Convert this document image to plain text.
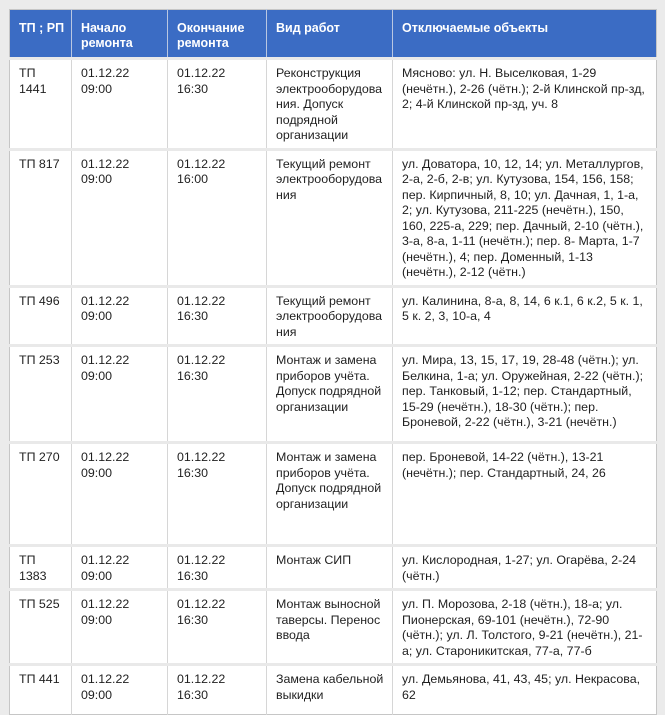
ТП ; РП	Начало ремонта	Окончание ремонта	Вид работ	Отключаемые объекты
ТП 1441	01.12.22 09:00	01.12.22 16:30	Реконструкция электрооборудования. Допуск подрядной организации	Мясново: ул. Н. Выселковая, 1-29 (нечётн.), 2-26 (чётн.); 2-й Клинской пр-зд, 2; 4-й Клинской пр-зд, уч. 8
ТП 817	01.12.22 09:00	01.12.22 16:00	Текущий ремонт электрооборудования	ул. Доватора, 10, 12, 14; ул. Металлургов, 2-а, 2-б, 2-в; ул. Кутузова, 154, 156, 158; пер. Кирпичный, 8, 10; ул. Дачная, 1, 1-а, 2; ул. Кутузова, 211-225 (нечётн.), 150, 160, 225-а, 229; пер. Дачный, 2-10 (чётн.), 3-а, 8-а, 1-11 (нечётн.); пер. 8- Марта, 1-7 (нечётн.), 4; пер. Доменный, 1-13 (нечётн.), 2-12 (чётн.)
ТП 496	01.12.22 09:00	01.12.22 16:30	Текущий ремонт электрооборудования	ул. Калинина, 8-а, 8, 14, 6 к.1, 6 к.2, 5 к. 1, 5 к. 2, 3, 10-а, 4
ТП 253	01.12.22 09:00	01.12.22 16:30	Монтаж и замена приборов учёта. Допуск подрядной организации	ул. Мира, 13, 15, 17, 19, 28-48 (чётн.); ул. Белкина, 1-а; ул. Оружейная, 2-22 (чётн.); пер. Танковый, 1-12; пер. Стандартный, 15-29 (нечётн.), 18-30 (чётн.); пер. Броневой, 2-22 (чётн.), 3-21 (нечётн.)
ТП 270	01.12.22 09:00	01.12.22 16:30	Монтаж и замена приборов учёта. Допуск подрядной организации	пер. Броневой, 14-22 (чётн.), 13-21 (нечётн.); пер. Стандартный, 24, 26
ТП 1383	01.12.22 09:00	01.12.22 16:30	Монтаж СИП	ул. Кислородная, 1-27; ул. Огарёва, 2-24 (чётн.)
ТП 525	01.12.22 09:00	01.12.22 16:30	Монтаж выносной таверсы. Перенос ввода	ул. П. Морозова, 2-18 (чётн.), 18-а; ул. Пионерская, 69-101 (нечётн.), 72-90 (чётн.); ул. Л. Толстого, 9-21 (нечётн.), 21-а; ул. Староникитская, 77-а, 77-б
ТП 441	01.12.22 09:00	01.12.22 16:30	Замена кабельной выкидки	ул. Демьянова, 41, 43, 45; ул. Некрасова, 62
